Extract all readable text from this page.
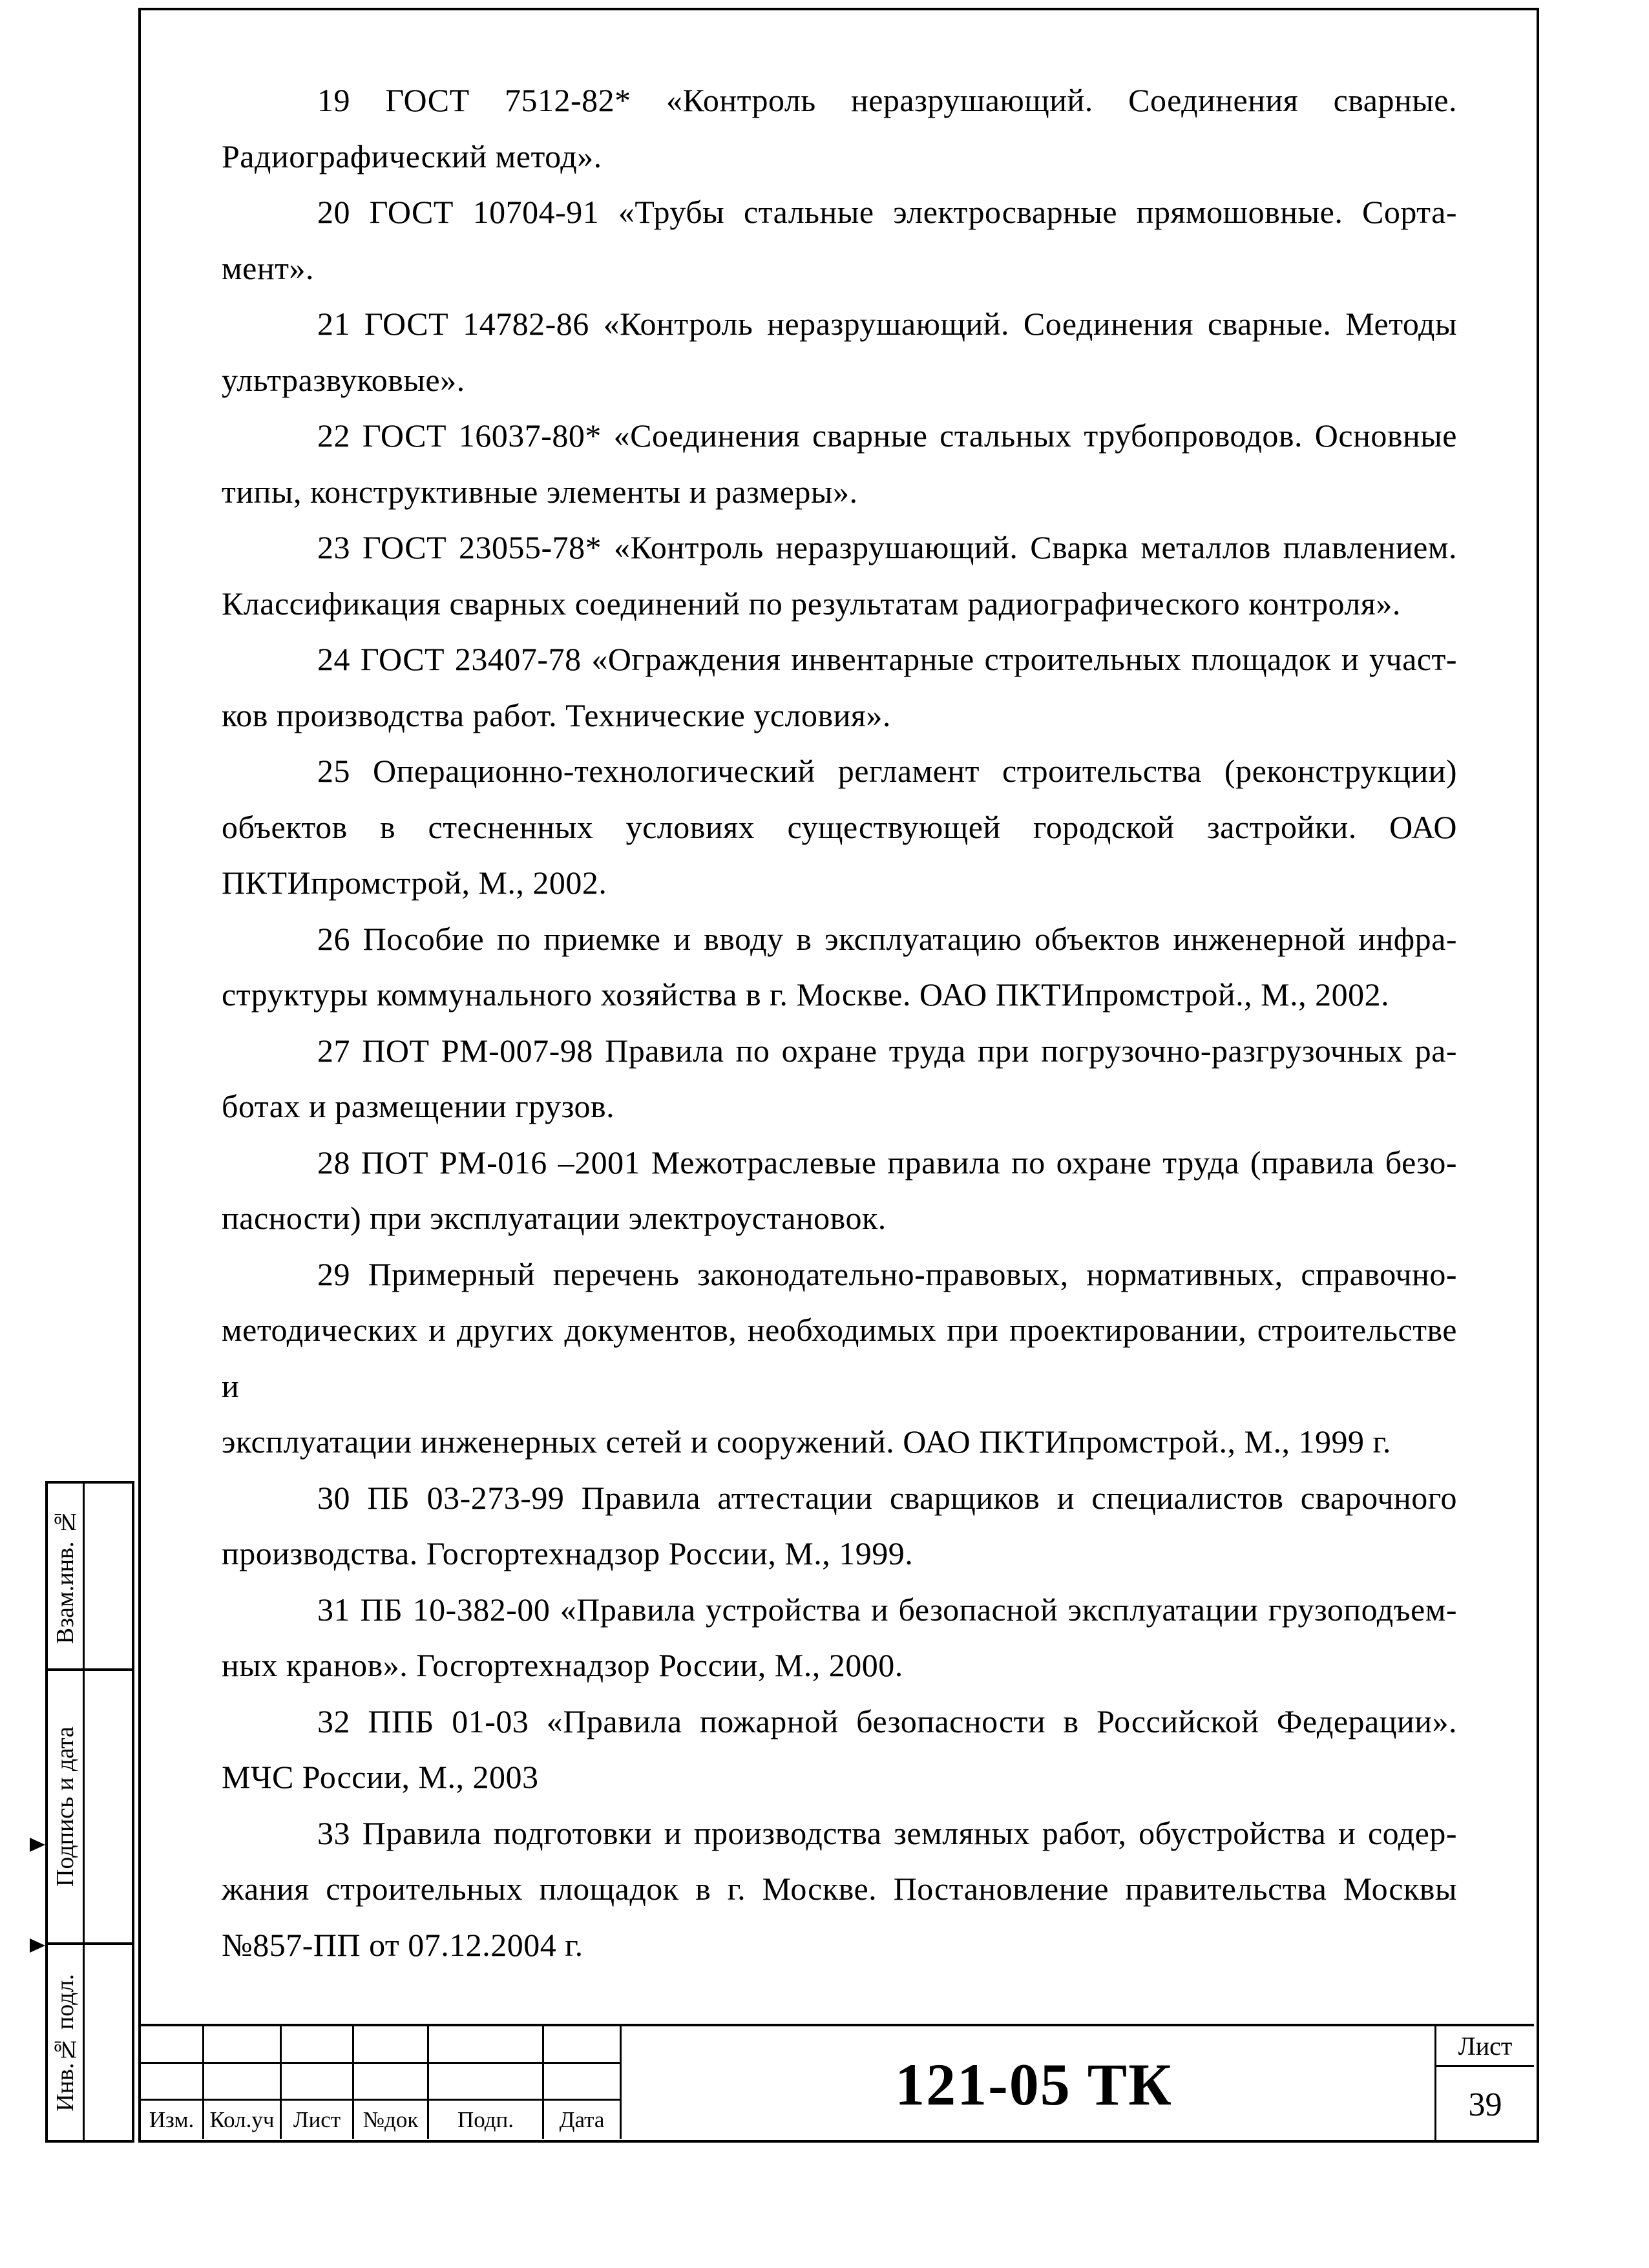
19 ГОСТ 7512-82* «Контроль неразрушающий. Соединения сварные.
Радиографический метод».
20 ГОСТ 10704-91 «Трубы стальные электросварные прямошовные. Сорта-
мент».
21 ГОСТ 14782-86 «Контроль неразрушающий. Соединения сварные. Методы
ультразвуковые».
22 ГОСТ 16037-80* «Соединения сварные стальных трубопроводов. Основные
типы, конструктивные элементы и размеры».
23 ГОСТ 23055-78* «Контроль неразрушающий. Сварка металлов плавлением.
Классификация сварных соединений по результатам радиографического контроля».
24 ГОСТ 23407-78 «Ограждения инвентарные строительных площадок и участ-
ков производства работ. Технические условия».
25 Операционно-технологический регламент строительства (реконструкции)
объектов в стесненных условиях существующей городской застройки. ОАО
ПКТИпромстрой, М., 2002.
26 Пособие по приемке и вводу в эксплуатацию объектов инженерной инфра-
структуры коммунального хозяйства в г. Москве. ОАО ПКТИпромстрой., М., 2002.
27 ПОТ РМ-007-98 Правила по охране труда при погрузочно-разгрузочных ра-
ботах и размещении грузов.
28 ПОТ РМ-016 –2001 Межотраслевые правила по охране труда (правила безо-
пасности) при эксплуатации электроустановок.
29 Примерный перечень законодательно-правовых, нормативных, справочно-
методических и других документов, необходимых при проектировании, строительстве и
эксплуатации инженерных сетей и сооружений. ОАО ПКТИпромстрой., М., 1999 г.
30 ПБ 03-273-99 Правила аттестации сварщиков и специалистов сварочного
производства. Госгортехнадзор России, М., 1999.
31 ПБ 10-382-00 «Правила устройства и безопасной эксплуатации грузоподъем-
ных кранов». Госгортехнадзор России, М., 2000.
32 ППБ 01-03 «Правила пожарной безопасности в Российской Федерации».
МЧС России, М., 2003
33 Правила подготовки и производства земляных работ, обустройства и содер-
жания строительных площадок в г. Москве. Постановление правительства Москвы
№857-ПП от 07.12.2004 г.
Взам.инв. №
Подпись и дата
Инв.№ подл.
Изм. Кол.уч Лист №док	Подп.	Дата
121-05 ТК
Лист
39
